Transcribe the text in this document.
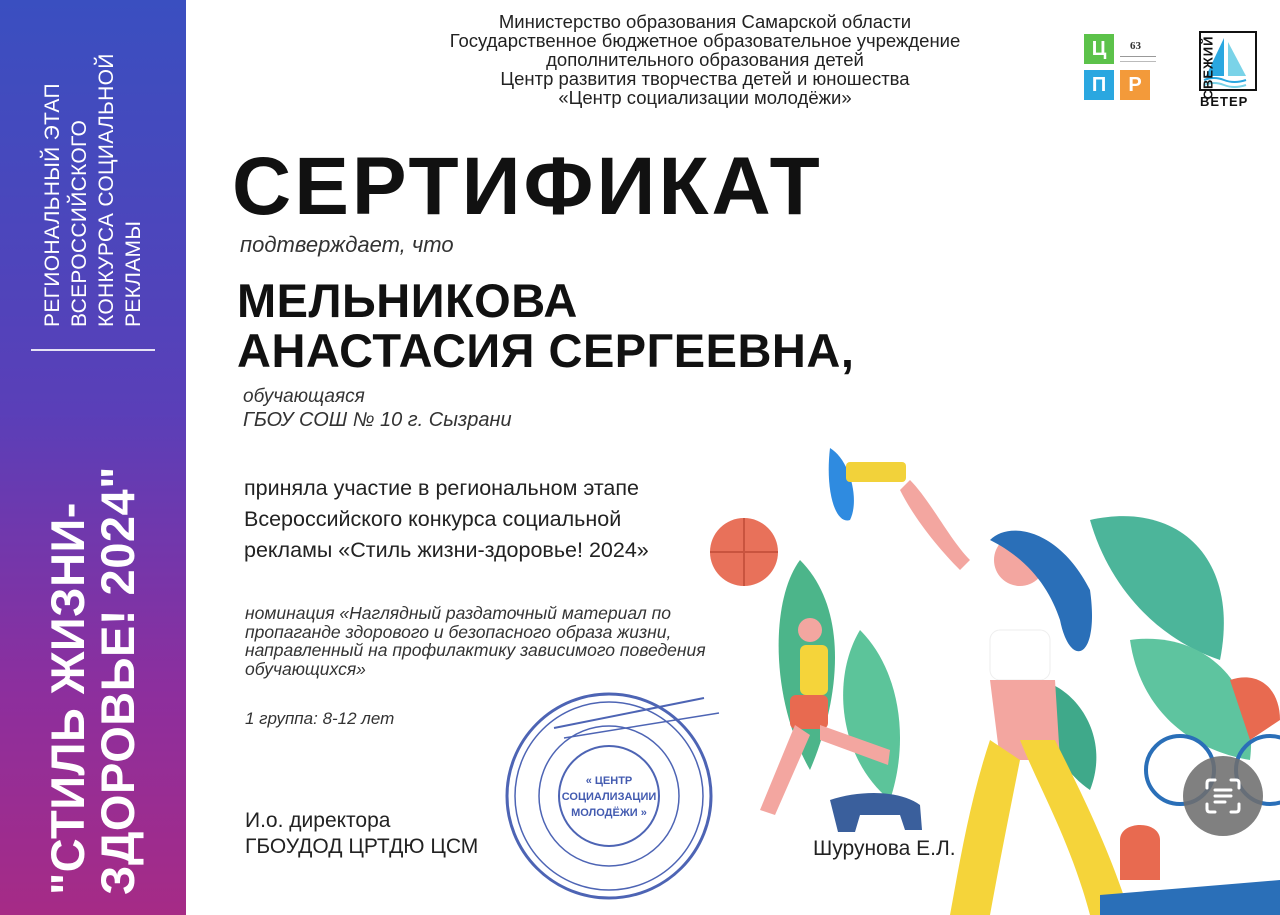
"СТИЛЬ ЖИЗНИ-ЗДОРОВЬЕ! 2024"
РЕГИОНАЛЬНЫЙ ЭТАП ВСЕРОССИЙСКОГО КОНКУРСА СОЦИАЛЬНОЙ РЕКЛАМЫ
Министерство образования Самарской области
Государственное бюджетное образовательное учреждение
дополнительного образования детей
Центр развития творчества детей и юношества
«Центр социализации молодёжи»
Ц
П	Р
63	СВЕЖИЙ
ВЕТЕР
СЕРТИФИКАТ
подтверждает, что
МЕЛЬНИКОВА
АНАСТАСИЯ СЕРГЕЕВНА,
обучающаяся
ГБОУ СОШ № 10 г. Сызрани
приняла участие в региональном этапе
Всероссийского конкурса социальной
рекламы «Стиль жизни-здоровье! 2024»
номинация «Наглядный раздаточный материал по
пропаганде здорового и безопасного образа жизни,
направленный на профилактику зависимого поведения
обучающихся»
1 группа: 8-12 лет
И.о. директора
ГБОУДОД ЦРТДЮ ЦСМ
« ЦЕНТР
СОЦИАЛИЗАЦИИ
МОЛОДЁЖИ »
Шурунова Е.Л.
